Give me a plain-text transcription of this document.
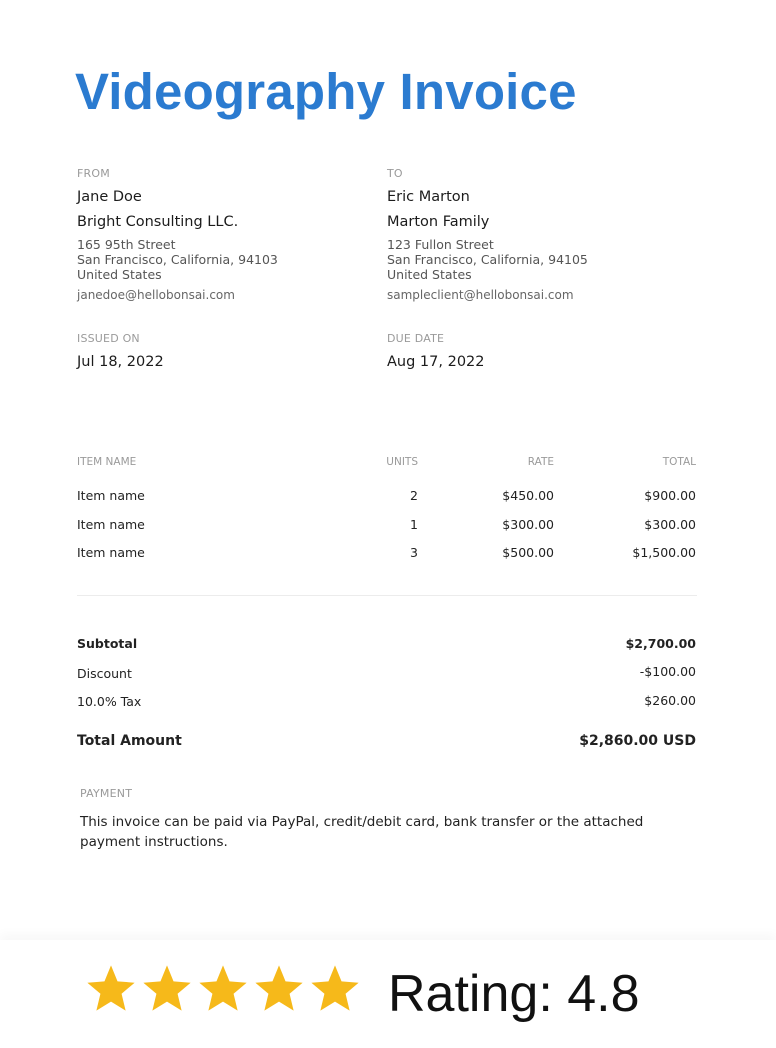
Videography Invoice
FROM
Jane Doe
Bright Consulting LLC.
165 95th Street
San Francisco, California, 94103
United States
janedoe@hellobonsai.com
TO
Eric Marton
Marton Family
123 Fullon Street
San Francisco, California, 94105
United States
sampleclient@hellobonsai.com
ISSUED ON
Jul 18, 2022
DUE DATE
Aug 17, 2022
ITEM NAME	UNITS	RATE	TOTAL
Item name	2	$450.00	$900.00
Item name	1	$300.00	$300.00
Item name	3	$500.00	$1,500.00
Subtotal	$2,700.00
Discount	-$100.00
10.0% Tax	$260.00
Total Amount	$2,860.00 USD
PAYMENT
This invoice can be paid via PayPal, credit/debit card, bank transfer or the attached payment instructions.
Rating: 4.8
